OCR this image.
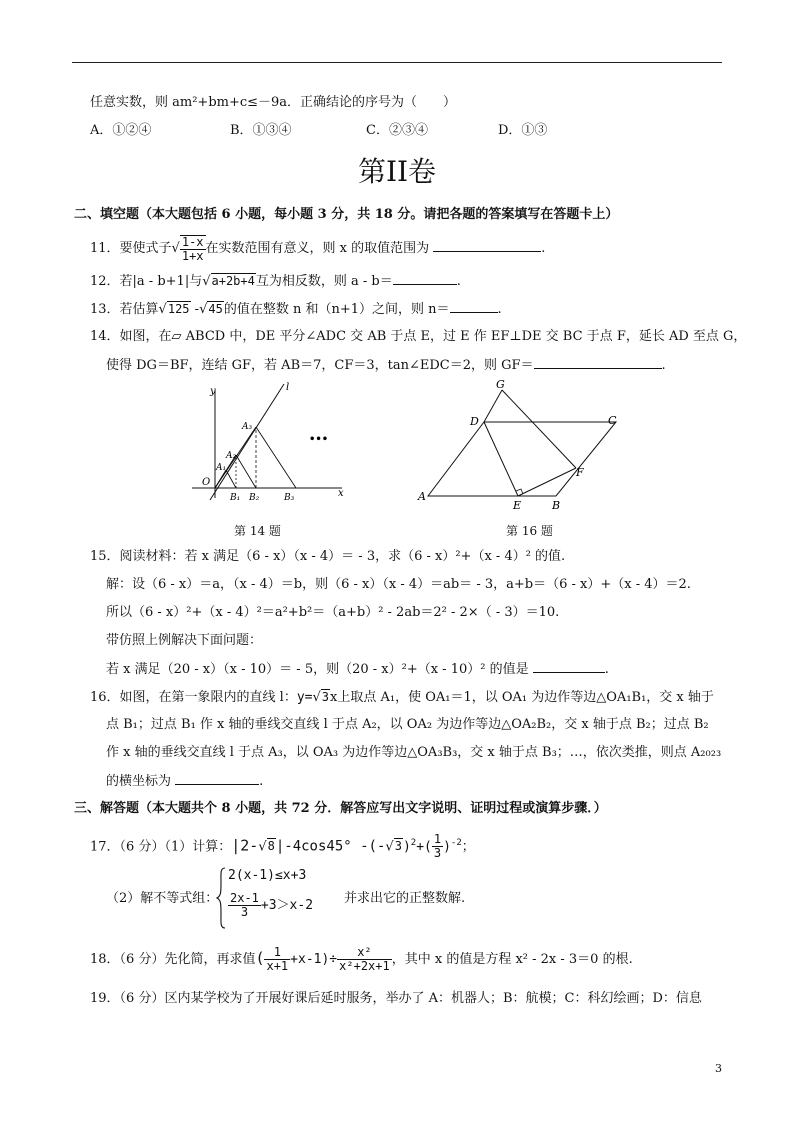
任意实数，则 am²+bm+c≤－9a．正确结论的序号为（　　）
A．①②④	B．①③④	C．②③④	D．①③
第II卷
二、填空题（本大题包括 6 小题，每小题 3 分，共 18 分。请把各题的答案填写在答题卡上）
11．要使式子√ $\frac{1-x}{1+x}$ 在实数范围有意义，则 x 的取值范围为	.
12．若|a - b+1|与√a+2b+4互为相反数，则 a - b＝	.
13．若估算√125 -√45的值在整数 n 和（n+1）之间，则 n＝	.
14．如图，在▱ ABCD 中，DE 平分∠ADC 交 AB 于点 E，过 E 作 EF⊥DE 交 BC 于点 F，延长 AD 至点 G，
使得 DG＝BF，连结 GF，若 AB＝7，CF＝3，tan∠EDC＝2，则 GF＝	.
y	l
O
x
A₁
A₂
A₃
B₁ B₂	B₃
•••
第 14 题
G
D	C
F
A
E	B
第 16 题
15．阅读材料：若 x 满足（6 - x）（x - 4）＝ - 3，求（6 - x）²+（x - 4）² 的值.
解：设（6 - x）＝a，（x - 4）＝b，则（6 - x）（x - 4）＝ab＝ - 3，a+b＝（6 - x）+（x - 4）＝2.
所以（6 - x）²+（x - 4）²＝a²+b²＝（a+b）² - 2ab＝2² - 2×（ - 3）＝10.
带仿照上例解决下面问题：
若 x 满足（20 - x）（x - 10）＝ - 5，则（20 - x）²+（x - 10）² 的值是	.
16．如图，在第一象限内的直线 l：y=√3x上取点 A₁，使 OA₁＝1，以 OA₁ 为边作等边△OA₁B₁，交 x 轴于
点 B₁；过点 B₁ 作 x 轴的垂线交直线 l 于点 A₂，以 OA₂ 为边作等边△OA₂B₂，交 x 轴于点 B₂；过点 B₂
作 x 轴的垂线交直线 l 于点 A₃，以 OA₃ 为边作等边△OA₃B₃，交 x 轴于点 B₃；…，依次类推，则点 A₂₀₂₃
的横坐标为	.
三、解答题（本大题共个 8 小题，共 72 分．解答应写出文字说明、证明过程或演算步骤．）
17．（6 分）（1）计算：|2-√8|-4cos45° $-(-√3)^2+( \frac{1}{3} )^{-2}$；
（2）解不等式组：
2(x-1)≤x+3
$\frac{2x-1}{3} +3>x-2$ 并求出它的正整数解.
18．（6 分）先化简，再求值( $\frac{1}{x+1} +x-1)\div \frac{\text{x²}}{\text{x²+2x+1}}$ ，其中 x 的值是方程 x² - 2x - 3＝0 的根.
19．（6 分）区内某学校为了开展好课后延时服务，举办了 A：机器人；B：航模；C：科幻绘画；D：信息
3
